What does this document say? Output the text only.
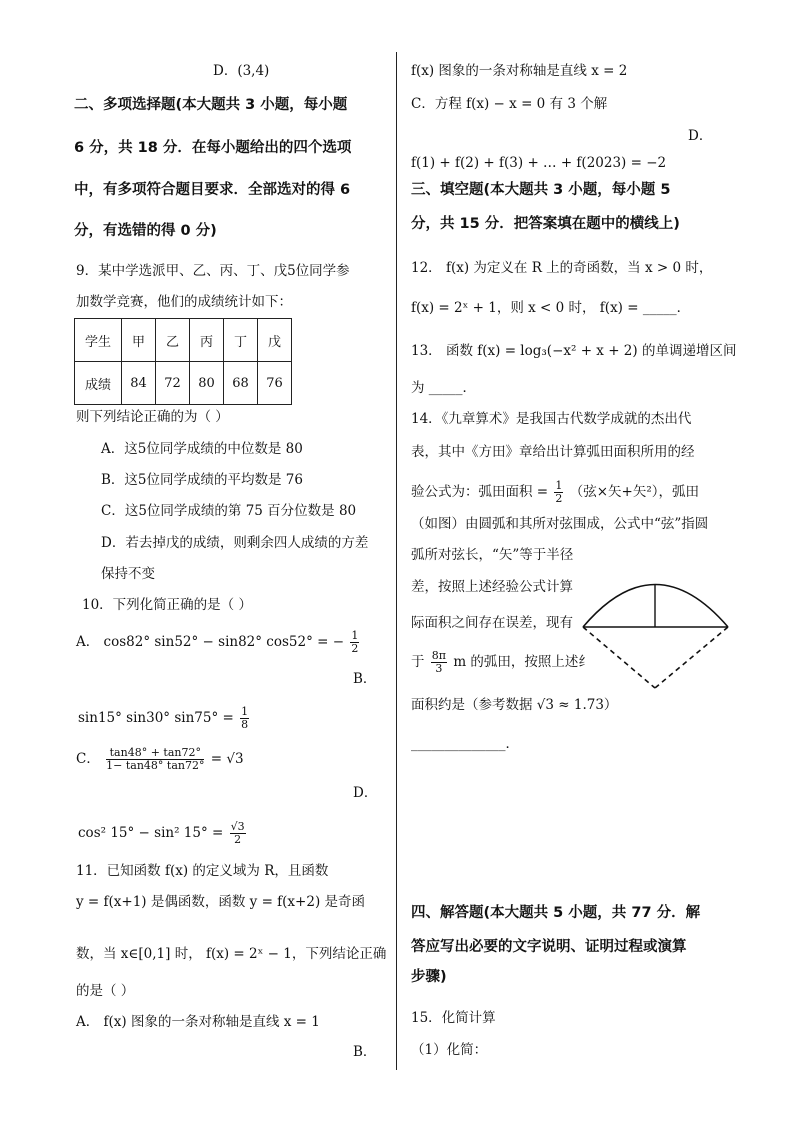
D．(3,4)
二、多项选择题(本大题共 3 小题，每小题
6 分，共 18 分．在每小题给出的四个选项
中，有多项符合题目要求．全部选对的得 6
分，有选错的得 0 分)
9．某中学选派甲、乙、丙、丁、戊5位同学参
加数学竞赛，他们的成绩统计如下：
学生	甲	乙	丙	丁	戊
成绩	84	72	80	68	76
则下列结论正确的为（ ）
A．这5位同学成绩的中位数是 80
B．这5位同学成绩的平均数是 76
C．这5位同学成绩的第 75 百分位数是 80
D．若去掉戊的成绩，则剩余四人成绩的方差
保持不变
10．下列化简正确的是（ ）
A． cos82° sin52° − sin82° cos52° = − $\frac{1}{2}$
B．
sin15° sin30° $\sin 75^\circ = \frac{1}{8}$
C． $\frac{\tan 48^\circ + \tan 72^\circ}{1- \tan 48^\circ \tan 72^\circ} = √3$
D．
cos² 15° − sin² $15^\circ = \frac{√3}{2}$
11．已知函数 f(x) 的定义域为 R，且函数
y = f(x+1) 是偶函数，函数 y = f(x+2) 是奇函
数，当 x∈[0,1] 时， f(x) = 2ˣ − 1，下列结论正确
的是（ ）
A． f(x) 图象的一条对称轴是直线 x = 1
B．
f(x) 图象的一条对称轴是直线 x = 2
C．方程 f(x) − x = 0 有 3 个解
D．
f(1) + f(2) + f(3) + … + f(2023) = −2
三、填空题(本大题共 3 小题，每小题 5
分，共 15 分．把答案填在题中的横线上)
12． f(x) 为定义在 R 上的奇函数，当 x > 0 时，
f(x) = 2ˣ + 1，则 x < 0 时， f(x) = _____．
13． 函数 f(x) = log₃(−x² + x + 2) 的单调递增区间
为 _____．
14．《九章算术》是我国古代数学成就的杰出代
表，其中《方田》章给出计算弧田面积所用的经
验公式为：弧田面积 = $\frac{1}{2}$ （弦×矢+矢²），弧田
（如图）由圆弧和其所对弦围成，公式中“弦”指圆
弧所对弦长，“矢”等于半径
差，按照上述经验公式计算
际面积之间存在误差，现有
于 $\frac{8\pi}{3}$ m 的弧田，按照上述纟
面积约是（参考数据 √3 ≈ 1.73）
______________．
四、解答题(本大题共 5 小题，共 77 分．解
答应写出必要的文字说明、证明过程或演算
步骤)
15．化简计算
（1）化简：
